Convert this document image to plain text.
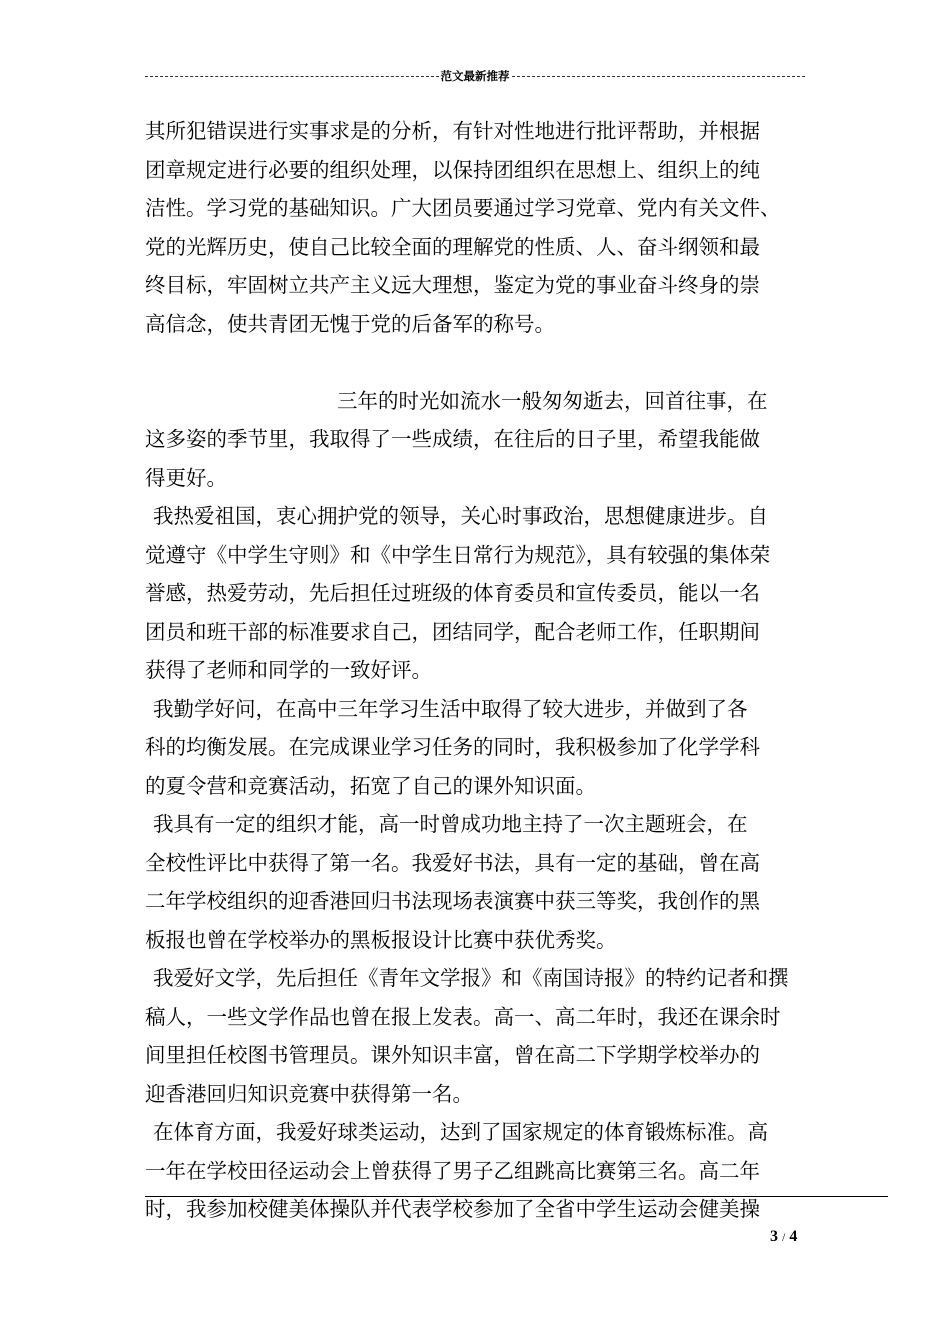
范文最新推荐
其所犯错误进行实事求是的分析，有针对性地进行批评帮助，并根据
团章规定进行必要的组织处理，以保持团组织在思想上、组织上的纯
洁性。学习党的基础知识。广大团员要通过学习党章、党内有关文件、
党的光辉历史，使自己比较全面的理解党的性质、人、奋斗纲领和最
终目标，牢固树立共产主义远大理想，鉴定为党的事业奋斗终身的崇
高信念，使共青团无愧于党的后备军的称号。
三年的时光如流水一般匆匆逝去，回首往事，在
这多姿的季节里，我取得了一些成绩，在往后的日子里，希望我能做
得更好。
我热爱祖国，衷心拥护党的领导，关心时事政治，思想健康进步。自
觉遵守《中学生守则》和《中学生日常行为规范》，具有较强的集体荣
誉感，热爱劳动，先后担任过班级的体育委员和宣传委员，能以一名
团员和班干部的标准要求自己，团结同学，配合老师工作，任职期间
获得了老师和同学的一致好评。
我勤学好问，在高中三年学习生活中取得了较大进步，并做到了各
科的均衡发展。在完成课业学习任务的同时，我积极参加了化学学科
的夏令营和竞赛活动，拓宽了自己的课外知识面。
我具有一定的组织才能，高一时曾成功地主持了一次主题班会，在
全校性评比中获得了第一名。我爱好书法，具有一定的基础，曾在高
二年学校组织的迎香港回归书法现场表演赛中获三等奖，我创作的黑
板报也曾在学校举办的黑板报设计比赛中获优秀奖。
我爱好文学，先后担任《青年文学报》和《南国诗报》的特约记者和撰
稿人，一些文学作品也曾在报上发表。高一、高二年时，我还在课余时
间里担任校图书管理员。课外知识丰富，曾在高二下学期学校举办的
迎香港回归知识竞赛中获得第一名。
在体育方面，我爱好球类运动，达到了国家规定的体育锻炼标准。高
一年在学校田径运动会上曾获得了男子乙组跳高比赛第三名。高二年
时，我参加校健美体操队并代表学校参加了全省中学生运动会健美操
3 / 4
